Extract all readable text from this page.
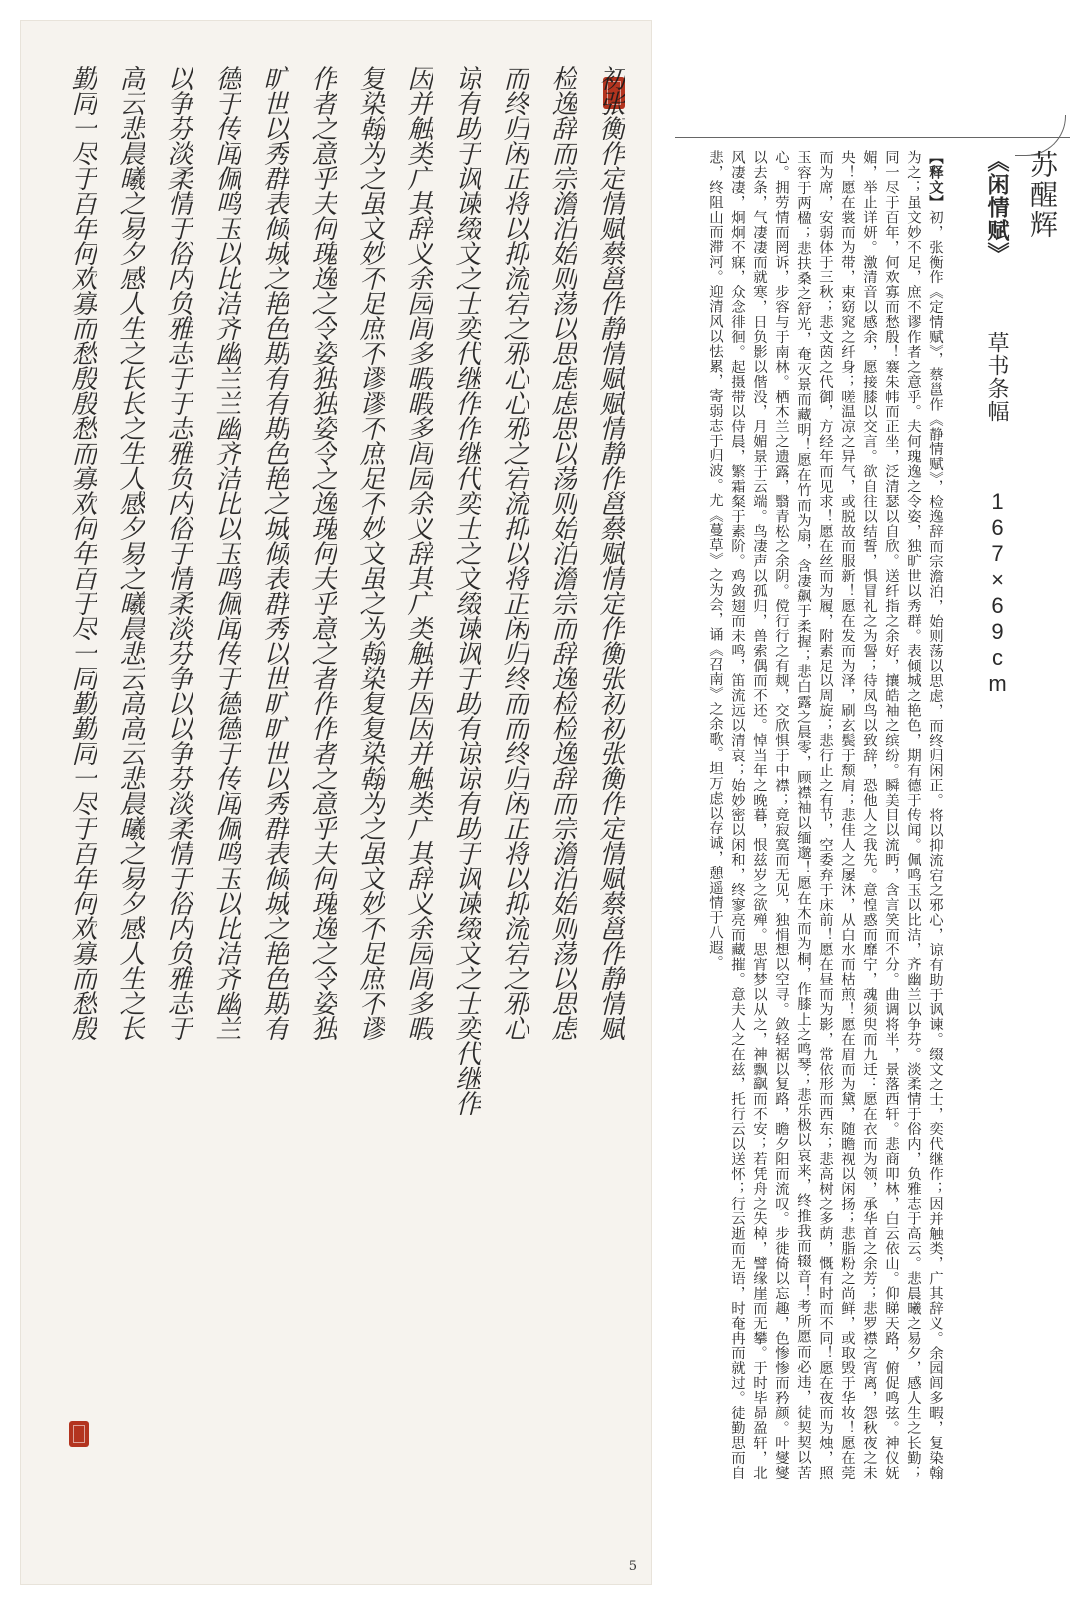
初张衡作定情赋蔡邕作静情赋赋情静作邕蔡赋情定作衡张初初张衡作定情赋蔡邕作静情赋
检逸辞而宗澹泊始则荡以思虑虑思以荡则始泊澹宗而辞逸检检逸辞而宗澹泊始则荡以思虑
而终归闲正将以抑流宕之邪心心邪之宕流抑以将正闲归终而而终归闲正将以抑流宕之邪心
谅有助于讽谏缀文之士奕代继作作继代奕士之文缀谏讽于助有谅谅有助于讽谏缀文之士奕代继作
因并触类广其辞义余园闾多暇暇多闾园余义辞其广类触并因因并触类广其辞义余园闾多暇
复染翰为之虽文妙不足庶不谬谬不庶足不妙文虽之为翰染复复染翰为之虽文妙不足庶不谬
作者之意乎夫何瑰逸之令姿独独姿令之逸瑰何夫乎意之者作作者之意乎夫何瑰逸之令姿独
旷世以秀群表倾城之艳色期有有期色艳之城倾表群秀以世旷旷世以秀群表倾城之艳色期有
德于传闻佩鸣玉以比洁齐幽兰兰幽齐洁比以玉鸣佩闻传于德德于传闻佩鸣玉以比洁齐幽兰
以争芬淡柔情于俗内负雅志于于志雅负内俗于情柔淡芬争以以争芬淡柔情于俗内负雅志于
高云悲晨曦之易夕感人生之长长之生人感夕易之曦晨悲云高高云悲晨曦之易夕感人生之长
勤同一尽于百年何欢寡而愁殷殷愁而寡欢何年百于尽一同勤勤同一尽于百年何欢寡而愁殷
5
苏醒辉
《闲情赋》  草书条幅  167×69cm
【释文】初，张衡作《定情赋》，蔡邕作《静情赋》，检逸辞而宗澹泊，始则荡以思虑，而终归闲正。将以抑流宕之邪心，谅有助于讽谏。缀文之士，奕代继作；因并触类，广其辞义。余园闾多暇，复染翰为之；虽文妙不足，庶不谬作者之意乎。夫何瑰逸之令姿，独旷世以秀群。表倾城之艳色，期有德于传闻。佩鸣玉以比洁，齐幽兰以争芬。淡柔情于俗内，负雅志于高云。悲晨曦之易夕，感人生之长勤；同一尽于百年，何欢寡而愁殷！褰朱帏而正坐，泛清瑟以自欣。送纤指之余好，攘皓袖之缤纷。瞬美目以流眄，含言笑而不分。曲调将半，景落西轩。悲商叩林，白云依山。仰睇天路，俯促鸣弦。神仪妩媚，举止详妍。激清音以感余，愿接膝以交言。欲自往以结誓，惧冒礼之为諐；待凤鸟以致辞，恐他人之我先。意惶惑而靡宁，魂须臾而九迁：愿在衣而为领，承华首之余芳；悲罗襟之宵离，怨秋夜之未央！愿在裳而为带，束窈窕之纤身；嗟温凉之异气，或脱故而服新！愿在发而为泽，刷玄鬓于颓肩；悲佳人之屡沐，从白水而枯煎！愿在眉而为黛，随瞻视以闲扬；悲脂粉之尚鲜，或取毁于华妆！愿在莞而为席，安弱体于三秋；悲文茵之代御，方经年而见求！愿在丝而为履，附素足以周旋；悲行止之有节，空委弃于床前！愿在昼而为影，常依形而西东；悲高树之多荫，慨有时而不同！愿在夜而为烛，照玉容于两楹；悲扶桑之舒光，奄灭景而藏明！愿在竹而为扇，含凄飙于柔握；悲白露之晨零，顾襟袖以缅邈！愿在木而为桐，作膝上之鸣琴；悲乐极以哀来，终推我而辍音！考所愿而必违，徒契契以苦心。拥劳情而罔诉，步容与于南林。栖木兰之遗露，翳青松之余阴。傥行行之有觌，交欣惧于中襟；竟寂寞而无见，独悁想以空寻。敛轻裾以复路，瞻夕阳而流叹。步徙倚以忘趣，色惨惨而矜颜。叶燮燮以去条，气凄凄而就寒，日负影以偕没，月媚景于云端。鸟凄声以孤归，兽索偶而不还。悼当年之晚暮，恨兹岁之欲殚。思宵梦以从之，神飘飖而不安；若凭舟之失棹，譬缘崖而无攀。于时毕昴盈轩，北风凄凄，炯炯不寐，众念徘徊。起摄带以侍晨，繁霜粲于素阶。鸡敛翅而未鸣，笛流远以清哀；始妙密以闲和，终寥亮而藏摧。意夫人之在兹，托行云以送怀；行云逝而无语，时奄冉而就过。徒勤思而自悲，终阻山而滞河。迎清风以怯累，寄弱志于归波。尤《蔓草》之为会，诵《召南》之余歌。坦万虑以存诚，憩遥情于八遐。
